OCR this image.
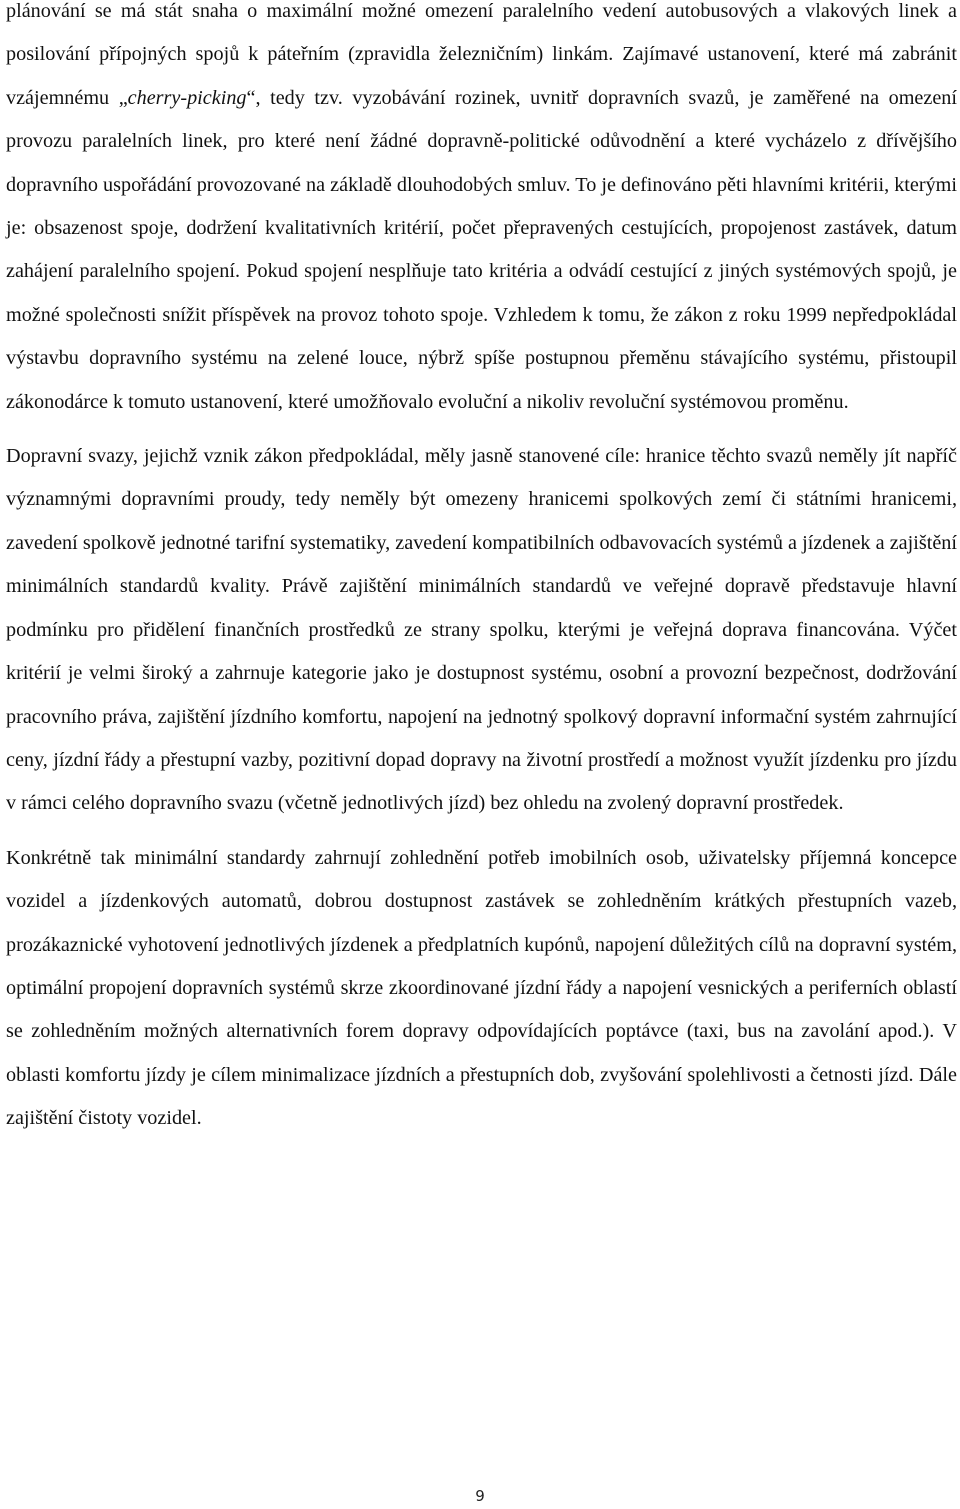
plánování se má stát snaha o maximální možné omezení paralelního vedení autobusových a vlakových linek a posilování přípojných spojů k páteřním (zpravidla železničním) linkám. Zajímavé ustanovení, které má zabránit vzájemnému „cherry-picking“, tedy tzv. vyzobávání rozinek, uvnitř dopravních svazů, je zaměřené na omezení provozu paralelních linek, pro které není žádné dopravně-politické odůvodnění a které vycházelo z dřívějšího dopravního uspořádání provozované na základě dlouhodobých smluv. To je definováno pěti hlavními kritérii, kterými je: obsazenost spoje, dodržení kvalitativních kritérií, počet přepravených cestujících, propojenost zastávek, datum zahájení paralelního spojení. Pokud spojení nesplňuje tato kritéria a odvádí cestující z jiných systémových spojů, je možné společnosti snížit příspěvek na provoz tohoto spoje. Vzhledem k tomu, že zákon z roku 1999 nepředpokládal výstavbu dopravního systému na zelené louce, nýbrž spíše postupnou přeměnu stávajícího systému, přistoupil zákonodárce k tomuto ustanovení, které umožňovalo evoluční a nikoliv revoluční systémovou proměnu.

Dopravní svazy, jejichž vznik zákon předpokládal, měly jasně stanovené cíle: hranice těchto svazů neměly jít napříč významnými dopravními proudy, tedy neměly být omezeny hranicemi spolkových zemí či státními hranicemi, zavedení spolkově jednotné tarifní systematiky, zavedení kompatibilních odbavovacích systémů a jízdenek a zajištění minimálních standardů kvality. Právě zajištění minimálních standardů ve veřejné dopravě představuje hlavní podmínku pro přidělení finančních prostředků ze strany spolku, kterými je veřejná doprava financována. Výčet kritérií je velmi široký a zahrnuje kategorie jako je dostupnost systému, osobní a provozní bezpečnost, dodržování pracovního práva, zajištění jízdního komfortu, napojení na jednotný spolkový dopravní informační systém zahrnující ceny, jízdní řády a přestupní vazby, pozitivní dopad dopravy na životní prostředí a možnost využít jízdenku pro jízdu v rámci celého dopravního svazu (včetně jednotlivých jízd) bez ohledu na zvolený dopravní prostředek.

Konkrétně tak minimální standardy zahrnují zohlednění potřeb imobilních osob, uživatelsky příjemná koncepce vozidel a jízdenkových automatů, dobrou dostupnost zastávek se zohledněním krátkých přestupních vazeb, prozákaznické vyhotovení jednotlivých jízdenek a předplatních kupónů, napojení důležitých cílů na dopravní systém, optimální propojení dopravních systémů skrze zkoordinované jízdní řády a napojení vesnických a periferních oblastí se zohledněním možných alternativních forem dopravy odpovídajících poptávce (taxi, bus na zavolání apod.). V oblasti komfortu jízdy je cílem minimalizace jízdních a přestupních dob, zvyšování spolehlivosti a četnosti jízd. Dále zajištění čistoty vozidel.

9
